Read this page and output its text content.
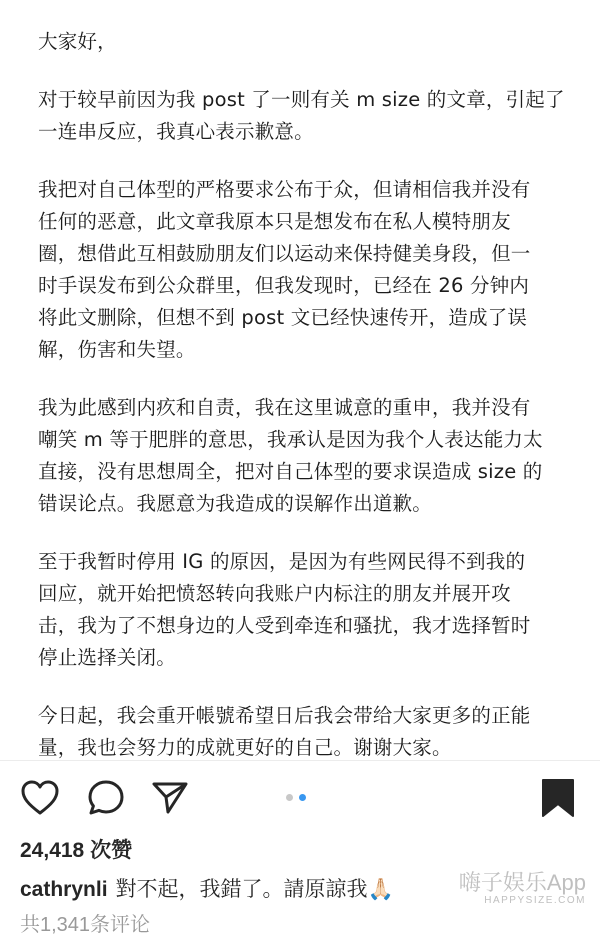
大家好，

对于较早前因为我 post 了一则有关 m size 的文章，引起了
一连串反应，我真心表示歉意。

我把对自己体型的严格要求公布于众，但请相信我并没有
任何的恶意，此文章我原本只是想发布在私人模特朋友
圈，想借此互相鼓励朋友们以运动来保持健美身段，但一
时手误发布到公众群里，但我发现时，已经在 26 分钟内
将此文删除，但想不到 post 文已经快速传开，造成了误
解，伤害和失望。

我为此感到内疚和自责，我在这里诚意的重申，我并没有
嘲笑 m 等于肥胖的意思，我承认是因为我个人表达能力太
直接，没有思想周全，把对自己体型的要求误造成 size 的
错误论点。我愿意为我造成的误解作出道歉。

至于我暂时停用 IG 的原因，是因为有些网民得不到我的
回应，就开始把愤怒转向我账户内标注的朋友并展开攻
击，我为了不想身边的人受到牵连和骚扰，我才选择暂时
停止选择关闭。

今日起，我会重开帳號希望日后我会带给大家更多的正能
量，我也会努力的成就更好的自己。谢谢大家。

24,418 次赞
cathrynli 對不起，我錯了。請原諒我🙏🏻
共1,341条评论
嗨子娱乐App
HAPPYSIZE.COM
